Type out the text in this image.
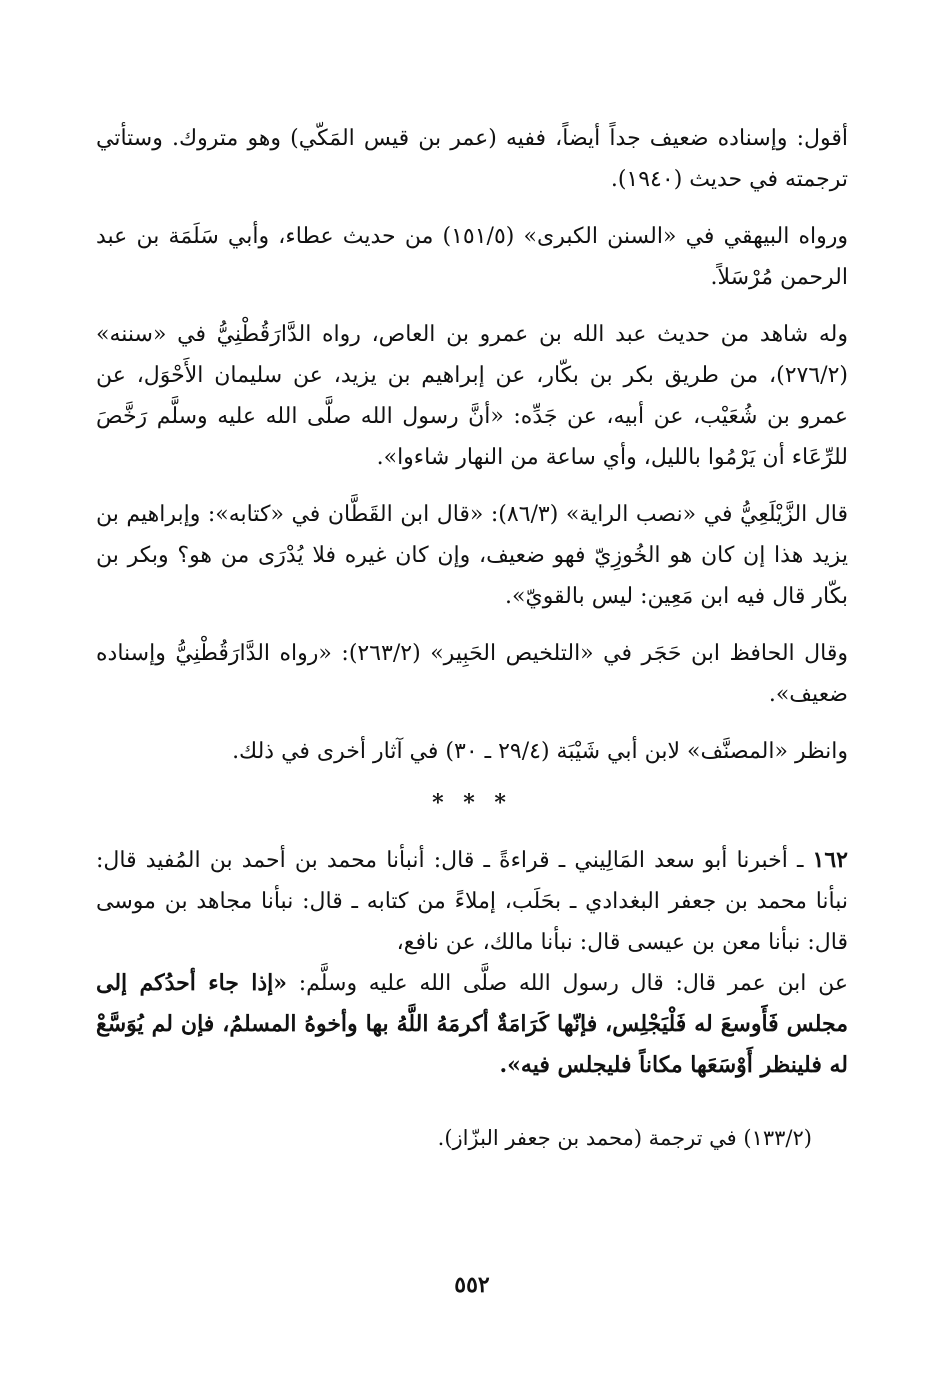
أقول: وإسناده ضعيف جداً أيضاً، ففيه (عمر بن قيس المَكّي) وهو متروك. وستأتي ترجمته في حديث (١٩٤٠).

ورواه البيهقي في «السنن الكبرى» (١٥١/٥) من حديث عطاء، وأبي سَلَمَة بن عبد الرحمن مُرْسَلاً.

وله شاهد من حديث عبد الله بن عمرو بن العاص، رواه الدَّارَقُطْنِيُّ في «سننه» (٢٧٦/٢)، من طريق بكر بن بكّار، عن إبراهيم بن يزيد، عن سليمان الأَحْوَل، عن عمرو بن شُعَيْب، عن أبيه، عن جَدِّه: «أنَّ رسول الله صلَّى الله عليه وسلَّم رَخَّصَ للرِّعَاء أن يَرْمُوا بالليل، وأي ساعة من النهار شاءوا».

قال الزَّيْلَعِيُّ في «نصب الراية» (٨٦/٣): «قال ابن القَطَّان في «كتابه»: وإبراهيم بن يزيد هذا إن كان هو الخُوزِيّ فهو ضعيف، وإن كان غيره فلا يُدْرَى من هو؟ وبكر بن بكّار قال فيه ابن مَعِين: ليس بالقويّ».

وقال الحافظ ابن حَجَر في «التلخيص الحَبِير» (٢٦٣/٢): «رواه الدَّارَقُطْنِيُّ وإسناده ضعيف».

وانظر «المصنَّف» لابن أبي شَيْبَة (٢٩/٤ ـ ٣٠) في آثار أخرى في ذلك.

* * *

١٦٢ ـ أخبرنا أبو سعد المَالِيني ـ قراءةً ـ قال: أنبأنا محمد بن أحمد بن المُفيد قال: نبأنا محمد بن جعفر البغدادي ـ بحَلَب، إملاءً من كتابه ـ قال: نبأنا مجاهد بن موسى قال: نبأنا معن بن عيسى قال: نبأنا مالك، عن نافع،

عن ابن عمر قال: قال رسول الله صلَّى الله عليه وسلَّم: «إذا جاء أحدُكم إلى مجلس فَأَوسعَ له فَلْيَجْلِس، فإنّها كَرَامَةٌ أكرمَهُ اللَّهُ بها وأخوهُ المسلمُ، فإن لم يُوَسَّعْ له فلينظر أَوْسَعَها مكاناً فليجلس فيه».

(١٣٣/٢) في ترجمة (محمد بن جعفر البزّاز).

٥٥٢
